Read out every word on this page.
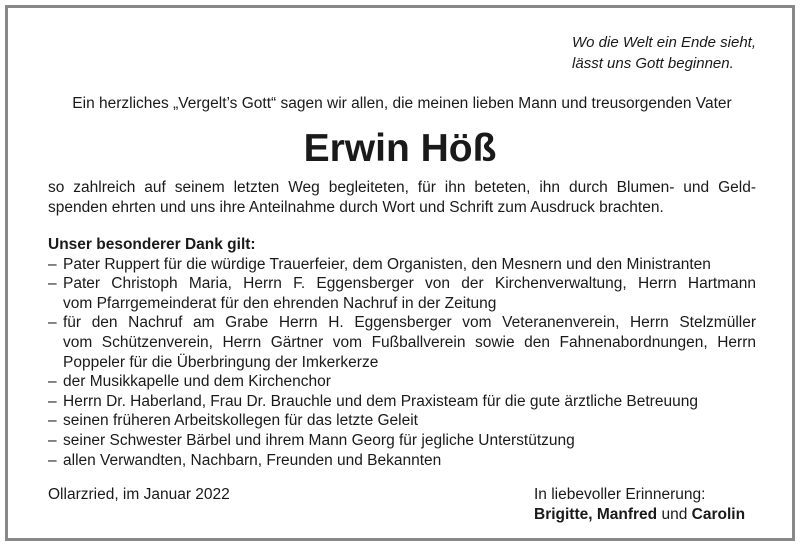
Wo die Welt ein Ende sieht,
lässt uns Gott beginnen.
Ein herzliches „Vergelt’s Gott“ sagen wir allen, die meinen lieben Mann und treusorgenden Vater
Erwin Höß
so zahlreich auf seinem letzten Weg begleiteten, für ihn beteten, ihn durch Blumen- und Geld-
spenden ehrten und uns ihre Anteilnahme durch Wort und Schrift zum Ausdruck brachten.
Unser besonderer Dank gilt:
– Pater Ruppert für die würdige Trauerfeier, dem Organisten, den Mesnern und den Ministranten
– Pater Christoph Maria, Herrn F. Eggensberger von der Kirchenverwaltung, Herrn Hartmann
vom Pfarrgemeinderat für den ehrenden Nachruf in der Zeitung
– für den Nachruf am Grabe Herrn H. Eggensberger vom Veteranenverein, Herrn Stelzmüller
vom Schützenverein, Herrn Gärtner vom Fußballverein sowie den Fahnenabordnungen, Herrn
Poppeler für die Überbringung der Imkerkerze
– der Musikkapelle und dem Kirchenchor
– Herrn Dr. Haberland, Frau Dr. Brauchle und dem Praxisteam für die gute ärztliche Betreuung
– seinen früheren Arbeitskollegen für das letzte Geleit
– seiner Schwester Bärbel und ihrem Mann Georg für jegliche Unterstützung
– allen Verwandten, Nachbarn, Freunden und Bekannten
Ollarzried, im Januar 2022	In liebevoller Erinnerung:
Brigitte, Manfred und Carolin
